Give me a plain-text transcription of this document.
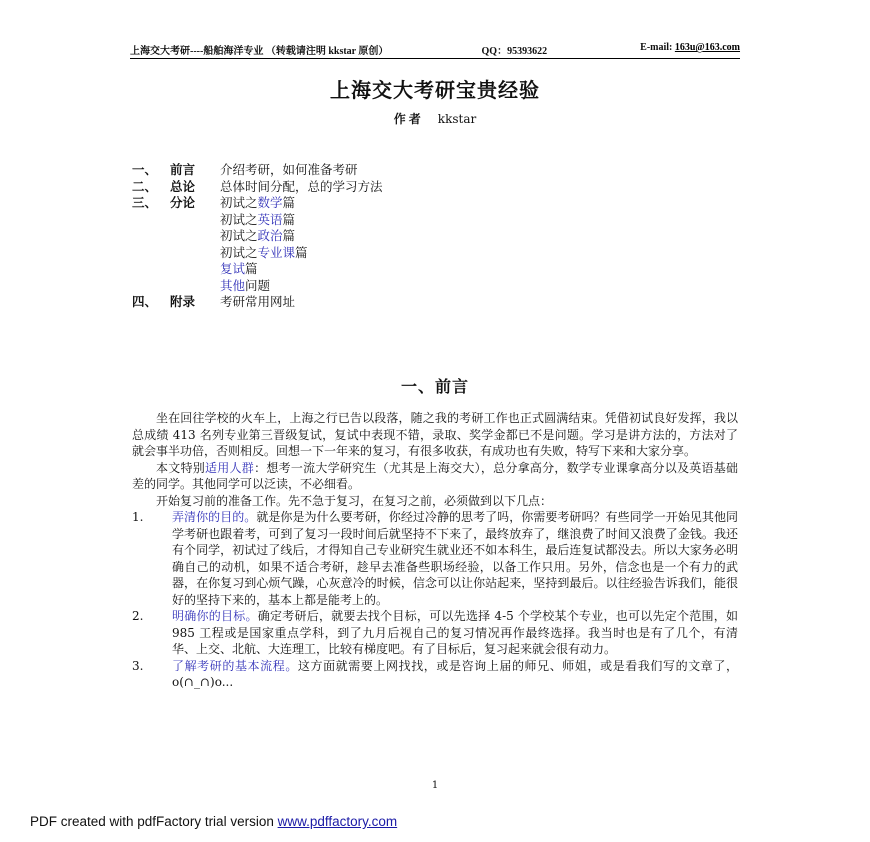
上海交大考研----船舶海洋专业 （转载请注明 kkstar 原创）	QQ：95393622	E-mail:
163u@163.com
上海交大考研宝贵经验
作者 kkstar
一、	前言 介绍考研，如何准备考研
二、	总论 总体时间分配，总的学习方法
三、	分论 初试之数学篇
初试之 英语 篇
初试之 政治 篇
初试之 专业课 篇
复试 篇
其他 问题
四、	附录 考研常用网址
一、前言

坐在回往学校的火车上，上海之行已告以段落，随之我的考研工作也正式圆满结束。凭借初试良好发挥，我以总成绩 413 名列专业第三晋级复试，复试中表现不错，录取、奖学金都已不是问题。学习是讲方法的，方法对了就会事半功倍，否则相反。回想一下一年来的复习，有很多收获，有成功也有失败，特写下来和大家分享。

本文特别适用人群：想考一流大学研究生（尤其是上海交大），总分拿高分，数学专业课拿高分以及英语基础差的同学。其他同学可以泛读，不必细看。

开始复习前的准备工作。先不急于复习，在复习之前，必须做到以下几点：

1.	弄清你的目的。就是你是为什么要考研，你经过冷静的思考了吗，你需要考研吗？有些同学一开始见其他同学考研也跟着考，可到了复习一段时间后就坚持不下来了，最终放弃了，继浪费了时间又浪费了金钱。我还有个同学，初试过了线后，才得知自己专业研究生就业还不如本科生，最后连复试都没去。所以大家务必明确自己的动机，如果不适合考研，趁早去准备些职场经验，以备工作只用。另外，信念也是一个有力的武器，在你复习到心烦气躁，心灰意冷的时候，信念可以让你站起来，坚持到最后。以往经验告诉我们，能很好的坚持下来的，基本上都是能考上的。
2.	明确你的目标。确定考研后，就要去找个目标，可以先选择 4-5 个学校某个专业，也可以先定个范围，如 985 工程或是国家重点学科，到了九月后视自己的复习情况再作最终选择。我当时也是有了几个，有清华、上交、北航、大连理工，比较有梯度吧。有了目标后，复习起来就会很有动力。
3.	了解考研的基本流程。这方面就需要上网找找，或是咨询上届的师兄、师姐，或是看我们写的文章了，o(∩_∩)o...
1
PDF created with pdfFactory trial version www.pdffactory.com
